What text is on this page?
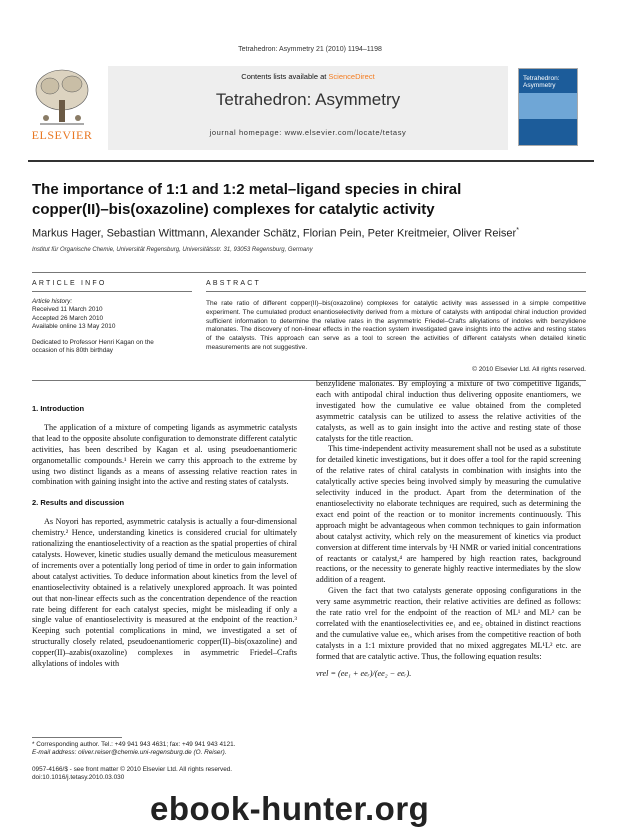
Tetrahedron: Asymmetry 21 (2010) 1194–1198
ELSEVIER
Contents lists available at ScienceDirect
Tetrahedron: Asymmetry
journal homepage: www.elsevier.com/locate/tetasy
Tetrahedron:
Asymmetry
The importance of 1:1 and 1:2 metal–ligand species in chiral
copper(II)–bis(oxazoline) complexes for catalytic activity
Markus Hager, Sebastian Wittmann, Alexander Schätz, Florian Pein, Peter Kreitmeier, Oliver Reiser*
Institut für Organische Chemie, Universität Regensburg, Universitätsstr. 31, 93053 Regensburg, Germany
ARTICLE INFO	ABSTRACT
Article history:
Received 11 March 2010
Accepted 26 March 2010
Available online 13 May 2010
Dedicated to Professor Henri Kagan on the
occasion of his 80th birthday
The rate ratio of different copper(II)–bis(oxazoline) complexes for catalytic activity was assessed in a simple competitive experiment. The cumulated product enantioselectivity derived from a mixture of catalysts with antipodal chiral induction provided sufficient information to determine the relative rates in the asymmetric Friedel–Crafts alkylations of indoles with benzylidene malonates. The discovery of non-linear effects in the reaction system investigated gave insights into the active and resting states of the catalysts. This approach can serve as a tool to screen the activities of different catalysts when detailed kinetic measurements are not suggestive.
© 2010 Elsevier Ltd. All rights reserved.
1. Introduction

The application of a mixture of competing ligands as asymmetric catalysts that lead to the opposite absolute configuration to demonstrate different catalytic activities, has been described by Kagan et al. using pseudoenantiomeric organometallic compounds.¹ Herein we carry this approach to the extreme by using two distinct ligands as a means of assessing relative reaction rates in combination with gaining insight into the active and resting states of catalysts.

2. Results and discussion

As Noyori has reported, asymmetric catalysis is actually a four-dimensional chemistry.² Hence, understanding kinetics is considered crucial for ultimately rationalizing the enantioselectivity of a reaction as the spatial properties of chiral catalysts. However, kinetic studies usually demand the meticulous measurement of increments over a potentially long period of time in order to gain information about catalyst activities. To deduce information about kinetics from the level of enantioselectivity obtained is a relatively unexplored approach. It was pointed out that non-linear effects such as the concentration dependence of the reaction rate being different for each catalyst species, might be misleading if only a single value of enantioselectivity is measured at the endpoint of the reaction.³ Keeping such potential complications in mind, we investigated a set of structurally closely related, pseudoenantiomeric copper(II)–bis(oxazoline) and copper(II)–azabis(oxazoline) complexes in asymmetric Friedel–Crafts alkylations of indoles with

benzylidene malonates. By employing a mixture of two competitive ligands, each with antipodal chiral induction thus delivering opposite enantiomers, we investigated how the cumulative ee value obtained from the completed asymmetric catalysis can be utilized to assess the relative activities of the catalysts, as well as to gain insight into the active and resting state of those catalysts for the title reaction.

This time-independent activity measurement shall not be used as a substitute for detailed kinetic investigations, but it does offer a tool for the rapid screening of the relative rates of chiral catalysts in combination with insights into the catalytically active species being involved simply by measuring the cumulative selectivity induced in the product. Apart from the determination of the enantioselectivity no elaborate techniques are required, such as determining the exact end point of the reaction or to monitor increments continuously. This approach might be advantageous when common techniques to gain information about catalyst activity, which rely on the measurement of kinetics via product conversion at different time intervals by ¹H NMR or varied initial concentrations of reactants or catalyst,⁴ are hampered by high reaction rates, background reactions, or the necessity to generate highly reactive intermediates by the slow addition of a reagent.

Given the fact that two catalysts generate opposing configurations in the very same asymmetric reaction, their relative activities are defined as follows: the rate ratio vrel for the endpoint of the reaction of ML¹ and ML² can be correlated with the enantioselectivities ee₁ and ee₂ obtained in distinct reactions and the cumulative value eeᵣ, which arises from the competitive reaction of both catalysts in a 1:1 mixture provided that no mixed aggregates ML¹L² etc. are formed that are catalytic active. Thus, the following equation results:

vrel = (ee₁ + eeᵣ)/(ee₂ − eeᵣ).
* Corresponding author. Tel.: +49 941 943 4631; fax: +49 941 943 4121.
E-mail address: oliver.reiser@chemie.uni-regensburg.de (O. Reiser).
0957-4166/$ - see front matter © 2010 Elsevier Ltd. All rights reserved.
doi:10.1016/j.tetasy.2010.03.030
ebook-hunter.org
